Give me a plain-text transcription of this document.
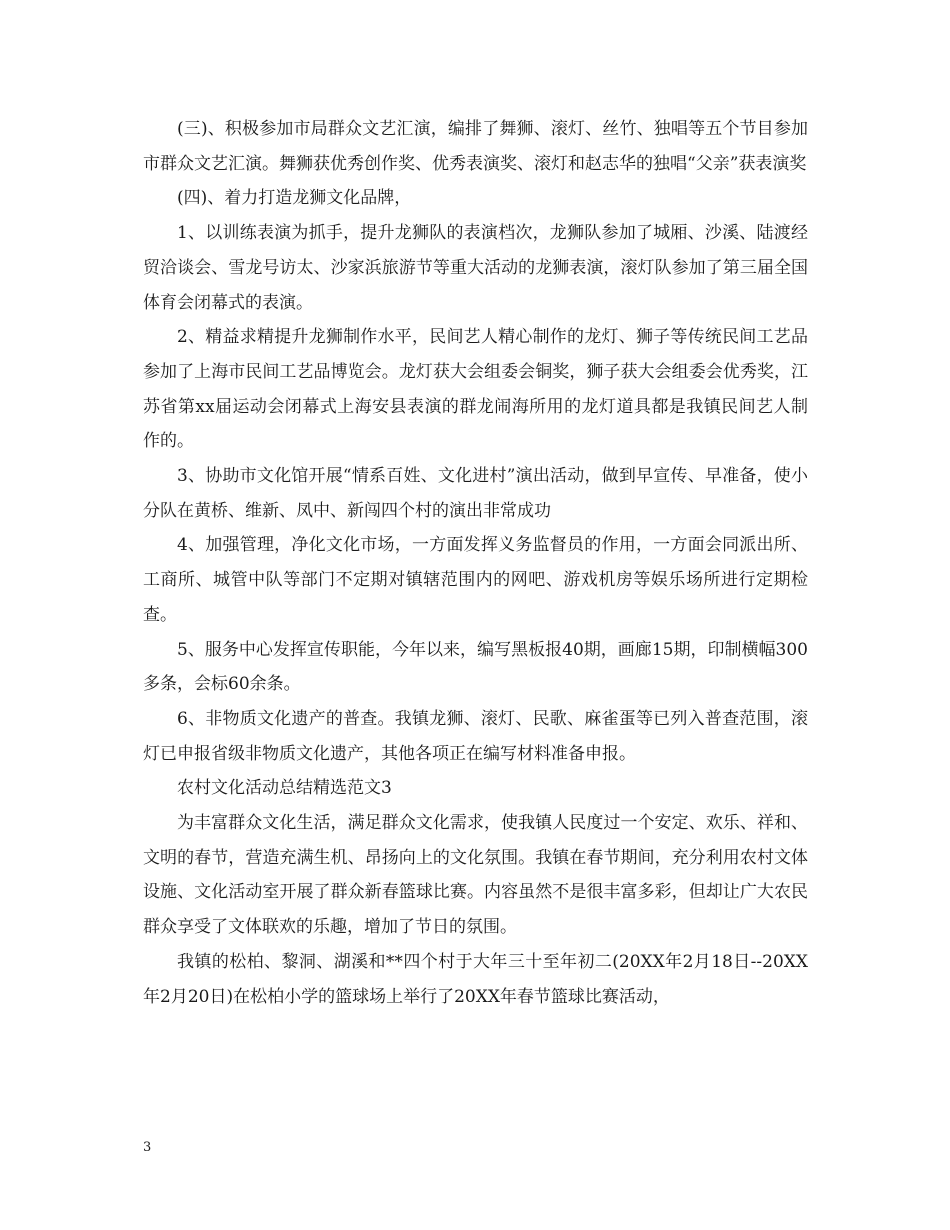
(三)、积极参加市局群众文艺汇演，编排了舞狮、滚灯、丝竹、独唱等五个节目参加市群众文艺汇演。舞狮获优秀创作奖、优秀表演奖、滚灯和赵志华的独唱“父亲”获表演奖

(四)、着力打造龙狮文化品牌，

1、以训练表演为抓手，提升龙狮队的表演档次，龙狮队参加了城厢、沙溪、陆渡经贸洽谈会、雪龙号访太、沙家浜旅游节等重大活动的龙狮表演，滚灯队参加了第三届全国体育会闭幕式的表演。

2、精益求精提升龙狮制作水平，民间艺人精心制作的龙灯、狮子等传统民间工艺品参加了上海市民间工艺品博览会。龙灯获大会组委会铜奖，狮子获大会组委会优秀奖，江苏省第xx届运动会闭幕式上海安县表演的群龙闹海所用的龙灯道具都是我镇民间艺人制作的。

3、协助市文化馆开展“情系百姓、文化进村”演出活动，做到早宣传、早准备，使小分队在黄桥、维新、凤中、新闯四个村的演出非常成功

4、加强管理，净化文化市场，一方面发挥义务监督员的作用，一方面会同派出所、工商所、城管中队等部门不定期对镇辖范围内的网吧、游戏机房等娱乐场所进行定期检查。

5、服务中心发挥宣传职能，今年以来，编写黑板报40期，画廊15期，印制横幅300多条，会标60余条。

6、非物质文化遗产的普查。我镇龙狮、滚灯、民歌、麻雀蛋等已列入普查范围，滚灯已申报省级非物质文化遗产，其他各项正在编写材料准备申报。

农村文化活动总结精选范文3

为丰富群众文化生活，满足群众文化需求，使我镇人民度过一个安定、欢乐、祥和、文明的春节，营造充满生机、昂扬向上的文化氛围。我镇在春节期间，充分利用农村文体设施、文化活动室开展了群众新春篮球比赛。内容虽然不是很丰富多彩，但却让广大农民群众享受了文体联欢的乐趣，增加了节日的氛围。

我镇的松柏、黎洞、湖溪和**四个村于大年三十至年初二(20XX年2月18日--20XX年2月20日)在松柏小学的篮球场上举行了20XX年春节篮球比赛活动，

3
